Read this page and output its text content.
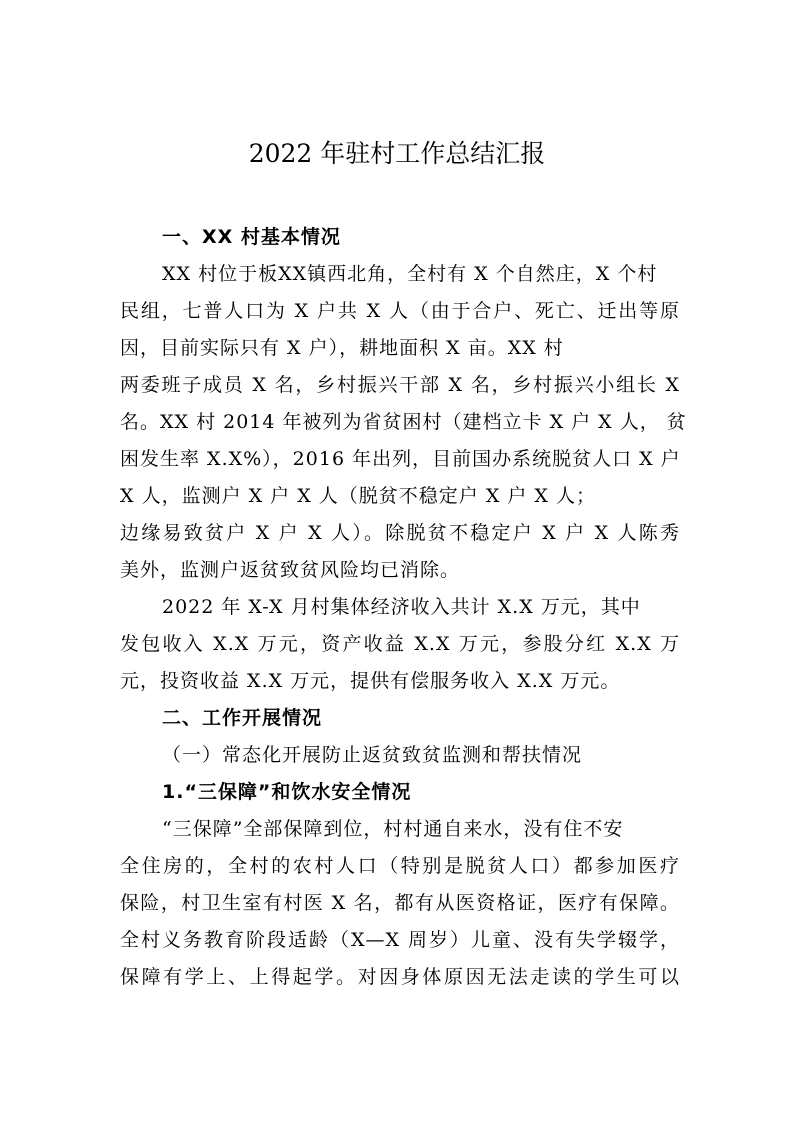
2022 年驻村工作总结汇报
一、XX 村基本情况
XX 村位于板XX镇西北角，全村有 X 个自然庄，X 个村
民组，七普人口为 X 户共 X 人（由于合户、死亡、迁出等原
因，目前实际只有 X 户），耕地面积 X 亩。XX 村
两委班子成员 X 名，乡村振兴干部 X 名，乡村振兴小组长 X
名。XX 村 2014 年被列为省贫困村（建档立卡 X 户 X 人， 贫
困发生率 X.X%），2016 年出列，目前国办系统脱贫人口 X 户
X 人，监测户 X 户 X 人（脱贫不稳定户 X 户 X 人；
边缘易致贫户 X 户 X 人）。除脱贫不稳定户 X 户 X 人陈秀
美外，监测户返贫致贫风险均已消除。
2022 年 X-X 月村集体经济收入共计 X.X 万元，其中
发包收入 X.X 万元，资产收益 X.X 万元，参股分红 X.X 万
元，投资收益 X.X 万元，提供有偿服务收入 X.X 万元。
二、工作开展情况
（一）常态化开展防止返贫致贫监测和帮扶情况
1.“三保障”和饮水安全情况
“三保障”全部保障到位，村村通自来水，没有住不安
全住房的，全村的农村人口（特别是脱贫人口）都参加医疗
保险，村卫生室有村医 X 名，都有从医资格证，医疗有保障。
全村义务教育阶段适龄（X—X 周岁）儿童、没有失学辍学，
保障有学上、上得起学。对因身体原因无法走读的学生可以
